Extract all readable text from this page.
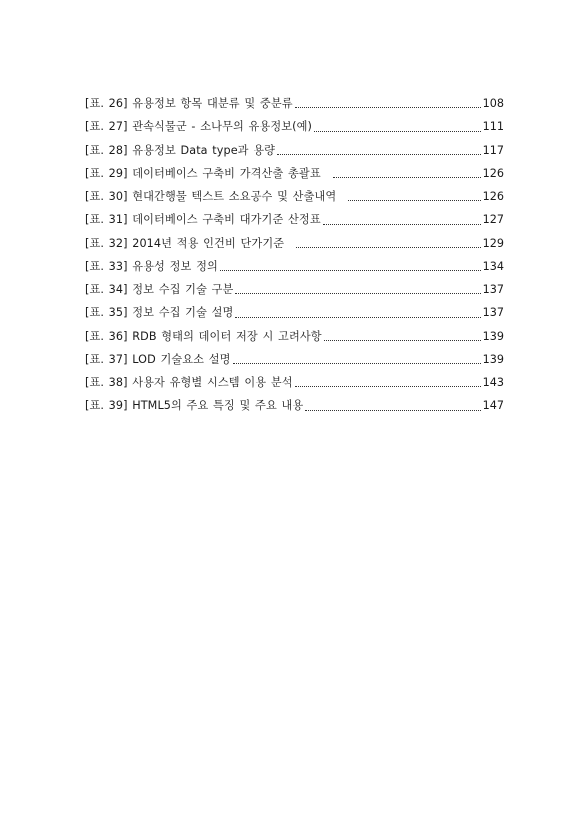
[표. 26] 유용정보 항목 대분류 및 중분류	108
[표. 27] 관속식물군 - 소나무의 유용정보(예)	111
[표. 28] 유용정보 Data type과 용량	117
[표. 29] 데이터베이스 구축비 가격산출 총괄표	126
[표. 30] 현대간행물 텍스트 소요공수 및 산출내역	126
[표. 31] 데이터베이스 구축비 대가기준 산정표	127
[표. 32] 2014년 적용 인건비 단가기준	129
[표. 33] 유용성 정보 정의	134
[표. 34] 정보 수집 기술 구분	137
[표. 35] 정보 수집 기술 설명	137
[표. 36] RDB 형태의 데이터 저장 시 고려사항	139
[표. 37] LOD 기술요소 설명	139
[표. 38] 사용자 유형별 시스템 이용 분석	143
[표. 39] HTML5의 주요 특징 및 주요 내용	147
